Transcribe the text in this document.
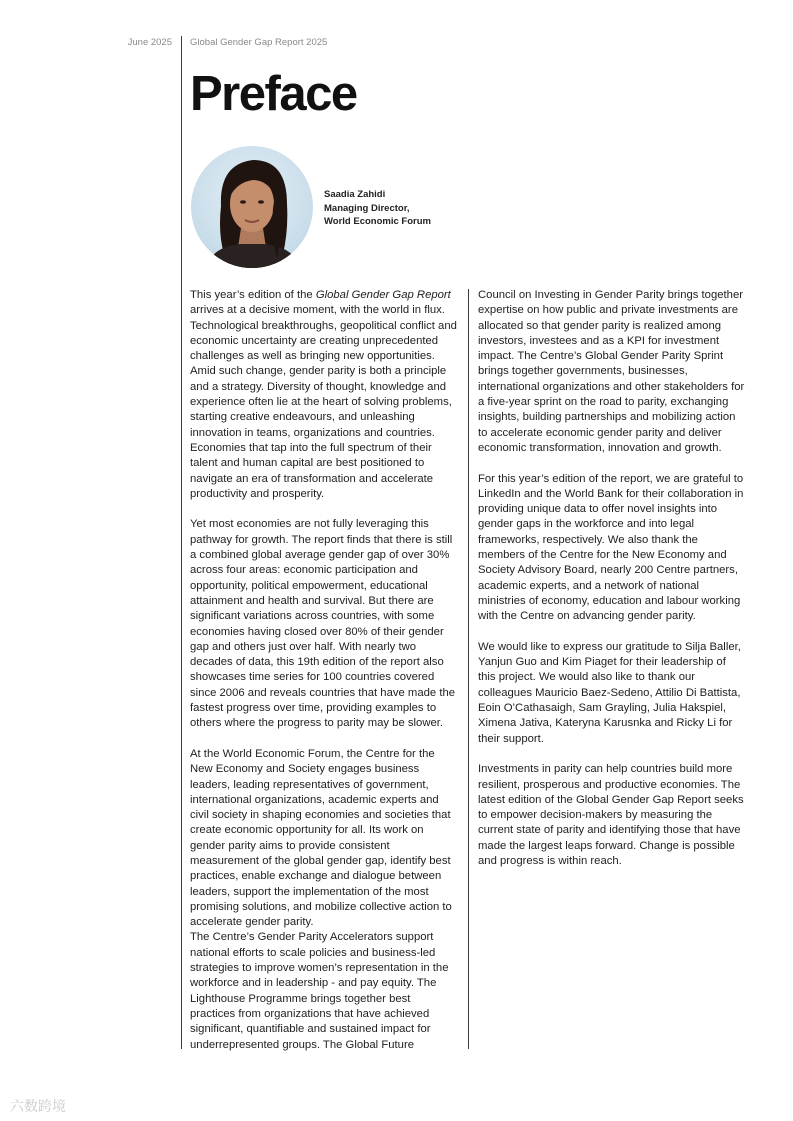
June 2025 Global Gender Gap Report 2025
Preface
Saadia Zahidi
Managing Director,
World Economic Forum

This year’s edition of the Global Gender Gap Report arrives at a decisive moment, with the world in flux. Technological breakthroughs, geopolitical conflict and economic uncertainty are creating unprecedented challenges as well as bringing new opportunities. Amid such change, gender parity is both a principle and a strategy. Diversity of thought, knowledge and experience often lie at the heart of solving problems, starting creative endeavours, and unleashing innovation in teams, organizations and countries. Economies that tap into the full spectrum of their talent and human capital are best positioned to navigate an era of transformation and accelerate productivity and prosperity.

Yet most economies are not fully leveraging this pathway for growth. The report finds that there is still a combined global average gender gap of over 30% across four areas: economic participation and opportunity, political empowerment, educational attainment and health and survival. But there are significant variations across countries, with some economies having closed over 80% of their gender gap and others just over half. With nearly two decades of data, this 19th edition of the report also showcases time series for 100 countries covered since 2006 and reveals countries that have made the fastest progress over time, providing examples to others where the progress to parity may be slower.

At the World Economic Forum, the Centre for the New Economy and Society engages business leaders, leading representatives of government, international organizations, academic experts and civil society in shaping economies and societies that create economic opportunity for all. Its work on gender parity aims to provide consistent measurement of the global gender gap, identify best practices, enable exchange and dialogue between leaders, support the implementation of the most promising solutions, and mobilize collective action to accelerate gender parity.

The Centre’s Gender Parity Accelerators support national efforts to scale policies and business-led strategies to improve women’s representation in the workforce and in leadership - and pay equity. The Lighthouse Programme brings together best practices from organizations that have achieved significant, quantifiable and sustained impact for underrepresented groups. The Global Future

Council on Investing in Gender Parity brings together expertise on how public and private investments are allocated so that gender parity is realized among investors, investees and as a KPI for investment impact. The Centre’s Global Gender Parity Sprint brings together governments, businesses, international organizations and other stakeholders for a five-year sprint on the road to parity, exchanging insights, building partnerships and mobilizing action to accelerate economic gender parity and deliver economic transformation, innovation and growth.

For this year’s edition of the report, we are grateful to LinkedIn and the World Bank for their collaboration in providing unique data to offer novel insights into gender gaps in the workforce and into legal frameworks, respectively. We also thank the members of the Centre for the New Economy and Society Advisory Board, nearly 200 Centre partners, academic experts, and a network of national ministries of economy, education and labour working with the Centre on advancing gender parity.

We would like to express our gratitude to Silja Baller, Yanjun Guo and Kim Piaget for their leadership of this project. We would also like to thank our colleagues Mauricio Baez-Sedeno, Attilio Di Battista, Eoin O’Cathasaigh, Sam Grayling, Julia Hakspiel, Ximena Jativa, Kateryna Karusnka and Ricky Li for their support.

Investments in parity can help countries build more resilient, prosperous and productive economies. The latest edition of the Global Gender Gap Report seeks to empower decision-makers by measuring the current state of parity and identifying those that have made the largest leaps forward. Change is possible and progress is within reach.

六数跨境
